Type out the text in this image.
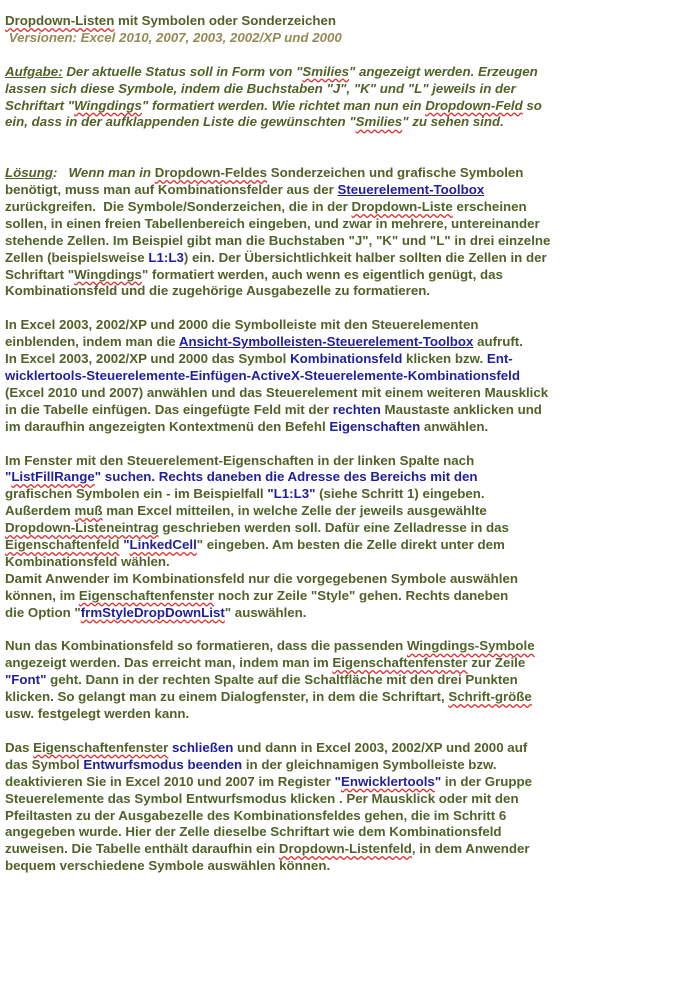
Dropdown-Listen mit Symbolen oder Sonderzeichen
Versionen: Excel 2010, 2007, 2003, 2002/XP und 2000
Aufgabe: Der aktuelle Status soll in Form von "Smilies" angezeigt werden. Erzeugen
lassen sich diese Symbole, indem die Buchstaben "J", "K" und "L" jeweils in der
Schriftart "Wingdings" formatiert werden. Wie richtet man nun ein Dropdown-Feld so
ein, dass in der aufklappenden Liste die gewünschten "Smilies" zu sehen sind.
Lösung:   Wenn man in Dropdown-Feldes Sonderzeichen und grafische Symbolen
benötigt, muss man auf Kombinationsfelder aus der Steuerelement-Toolbox
zurückgreifen.  Die Symbole/Sonderzeichen, die in der Dropdown-Liste erscheinen
sollen, in einen freien Tabellenbereich eingeben, und zwar in mehrere, untereinander
stehende Zellen. Im Beispiel gibt man die Buchstaben "J", "K" und "L" in drei einzelne
Zellen (beispielsweise L1:L3) ein. Der Übersichtlichkeit halber sollten die Zellen in der
Schriftart "Wingdings" formatiert werden, auch wenn es eigentlich genügt, das
Kombinationsfeld und die zugehörige Ausgabezelle zu formatieren.
In Excel 2003, 2002/XP und 2000 die Symbolleiste mit den Steuerelementen
einblenden, indem man die Ansicht-Symbolleisten-Steuerelement-Toolbox aufruft.
In Excel 2003, 2002/XP und 2000 das Symbol Kombinationsfeld klicken bzw. Ent-
wicklertools-Steuerelemente-Einfügen-ActiveX-Steuerelemente-Kombinationsfeld
(Excel 2010 und 2007) anwählen und das Steuerelement mit einem weiteren Mausklick
in die Tabelle einfügen. Das eingefügte Feld mit der rechten Maustaste anklicken und
im daraufhin angezeigten Kontextmenü den Befehl Eigenschaften anwählen.
Im Fenster mit den Steuerelement-Eigenschaften in der linken Spalte nach
"ListFillRange" suchen. Rechts daneben die Adresse des Bereichs mit den
grafischen Symbolen ein - im Beispielfall "L1:L3" (siehe Schritt 1) eingeben.
Außerdem muß man Excel mitteilen, in welche Zelle der jeweils ausgewählte
Dropdown-Listeneintrag geschrieben werden soll. Dafür eine Zelladresse in das
Eigenschaftenfeld "LinkedCell" eingeben. Am besten die Zelle direkt unter dem
Kombinationsfeld wählen.
Damit Anwender im Kombinationsfeld nur die vorgegebenen Symbole auswählen
können, im Eigenschaftenfenster noch zur Zeile "Style" gehen. Rechts daneben
die Option "frmStyleDropDownList" auswählen.
Nun das Kombinationsfeld so formatieren, dass die passenden Wingdings-Symbole
angezeigt werden. Das erreicht man, indem man im Eigenschaftenfenster zur Zeile
"Font" geht. Dann in der rechten Spalte auf die Schaltfläche mit den drei Punkten
klicken. So gelangt man zu einem Dialogfenster, in dem die Schriftart, Schrift-größe
usw. festgelegt werden kann.
Das Eigenschaftenfenster schließen und dann in Excel 2003, 2002/XP und 2000 auf
das Symbol Entwurfsmodus beenden in der gleichnamigen Symbolleiste bzw.
deaktivieren Sie in Excel 2010 und 2007 im Register "Enwicklertools" in der Gruppe
Steuerelemente das Symbol Entwurfsmodus klicken . Per Mausklick oder mit den
Pfeiltasten zu der Ausgabezelle des Kombinationsfeldes gehen, die im Schritt 6
angegeben wurde. Hier der Zelle dieselbe Schriftart wie dem Kombinationsfeld
zuweisen. Die Tabelle enthält daraufhin ein Dropdown-Listenfeld, in dem Anwender
bequem verschiedene Symbole auswählen können.
